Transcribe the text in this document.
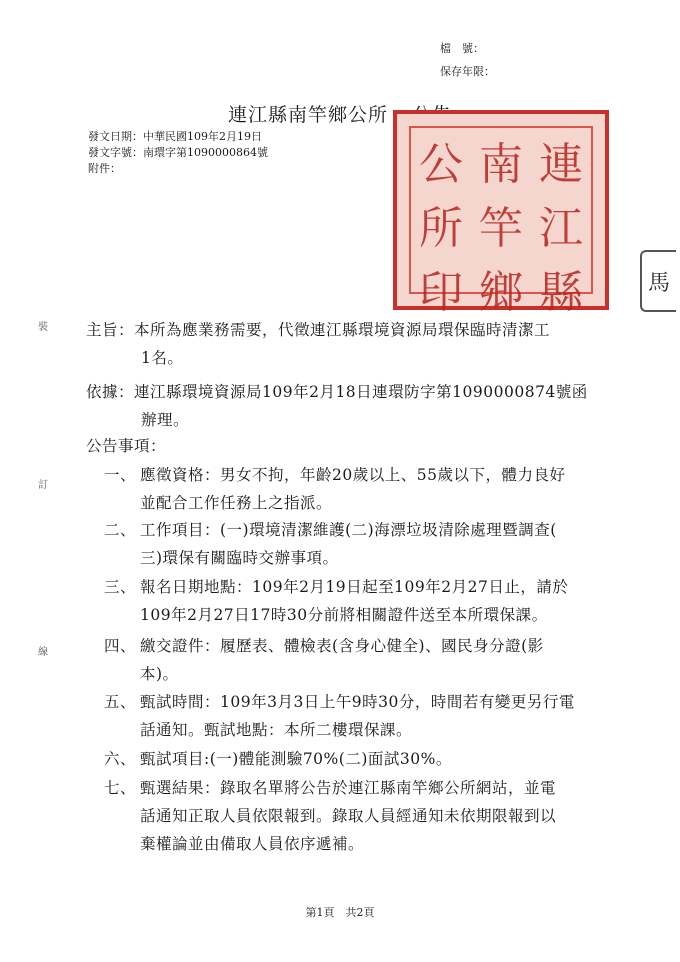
檔　號：
保存年限：
連江縣南竿鄉公所
發文日期：中華民國109年2月19日
發文字號：南環字第1090000864號
附件：	公 南 連
所 竿 江
印 鄉 縣	馬
裝
訂
線
主旨：本所為應業務需要，代徵連江縣環境資源局環保臨時清潔工
1名。
依據：連江縣環境資源局109年2月18日連環防字第1090000874號函
辦理。
公告事項：
一、 應徵資格：男女不拘，年齡20歲以上、55歲以下，體力良好
並配合工作任務上之指派。
二、 工作項目：(一)環境清潔維護(二)海漂垃圾清除處理暨調查(
三)環保有關臨時交辦事項。
三、 報名日期地點：109年2月19日起至109年2月27日止，請於
109年2月27日17時30分前將相關證件送至本所環保課。
四、 繳交證件：履歷表、體檢表(含身心健全)、國民身分證(影
本)。
五、 甄試時間：109年3月3日上午9時30分，時間若有變更另行電
話通知。甄試地點：本所二樓環保課。
六、 甄試項目:(一)體能測驗70%(二)面試30%。
七、 甄選結果：錄取名單將公告於連江縣南竿鄉公所網站，並電
話通知正取人員依限報到。錄取人員經通知未依期限報到以
棄權論並由備取人員依序遞補。
第1頁　共2頁
